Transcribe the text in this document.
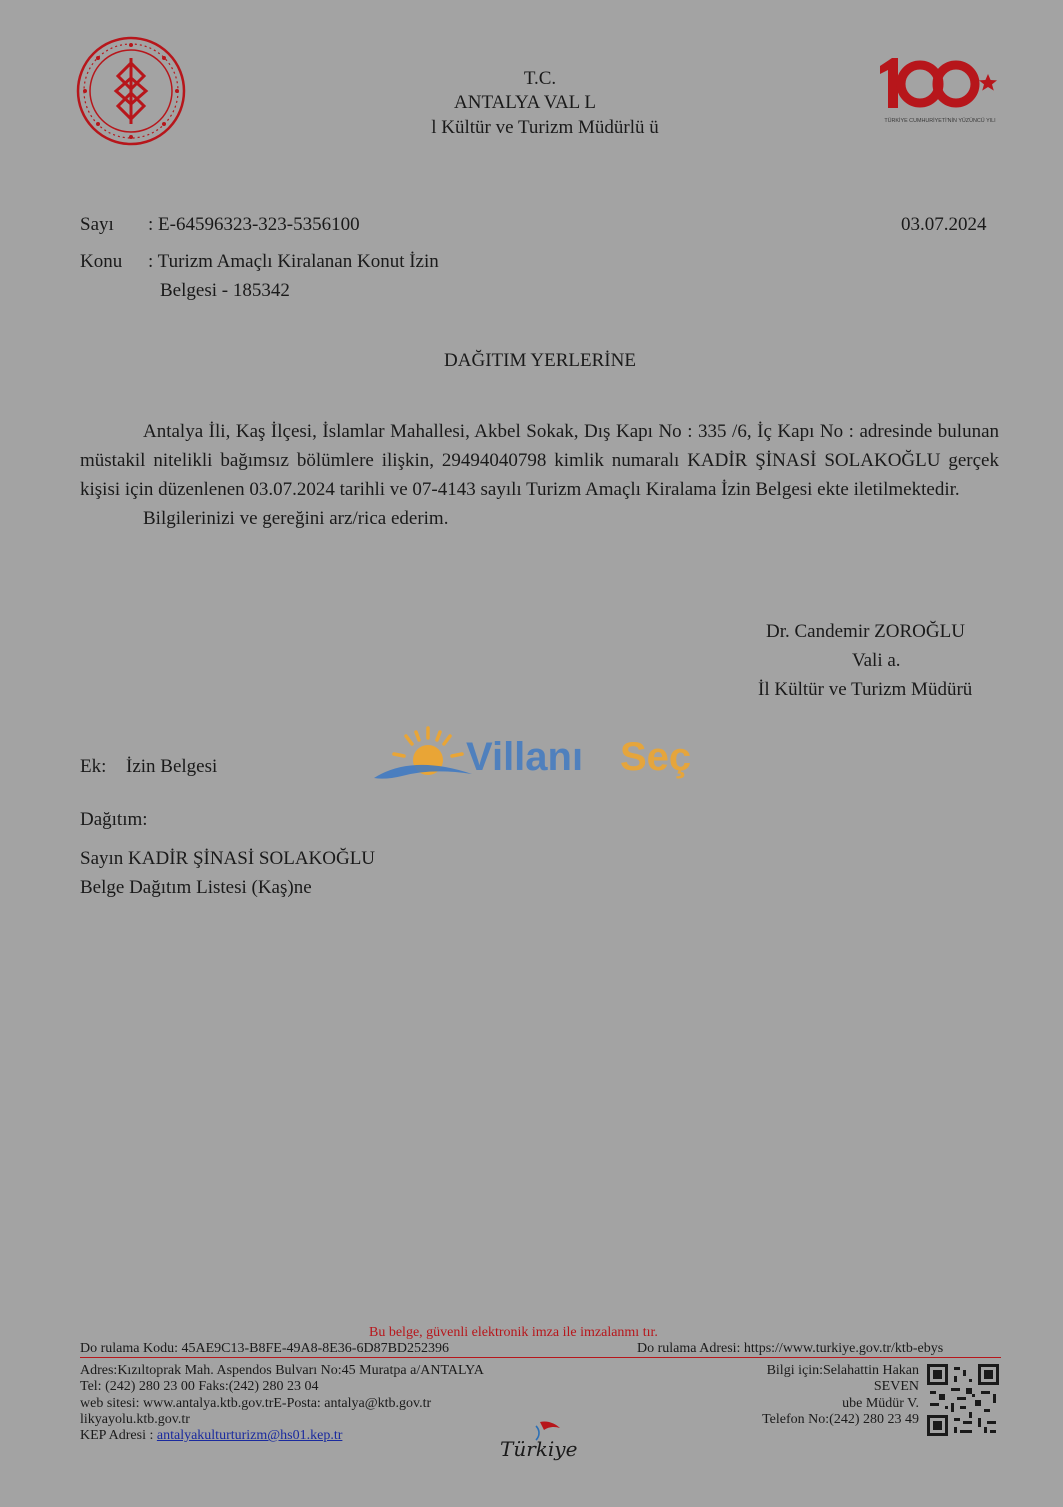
T.C.
ANTALYA VAL L
l Kültür ve Turizm Müdürlü ü	TÜRKİYE CUMHURİYETİ'NİN YÜZÜNCÜ YILI
Sayı : E-64596323-323-5356100	03.07.2024
Konu : Turizm Amaçlı Kiralanan Konut İzin
Belgesi - 185342
DAĞITIM YERLERİNE

Antalya İli, Kaş İlçesi, İslamlar Mahallesi, Akbel Sokak, Dış Kapı No : 335 /6, İç Kapı No : adresinde bulunan müstakil nitelikli bağımsız bölümlere ilişkin, 29494040798 kimlik numaralı KADİR ŞİNASİ SOLAKOĞLU gerçek kişisi için düzenlenen 03.07.2024 tarihli ve 07-4143 sayılı Turizm Amaçlı Kiralama İzin Belgesi ekte iletilmektedir.

Bilgilerinizi ve gereğini arz/rica ederim.

Dr. Candemir ZOROĞLU
Vali a.
İl Kültür ve Turizm Müdürü
Ek: İzin Belgesi	Villanı Seç
Dağıtım:
Sayın KADİR ŞİNASİ SOLAKOĞLU
Belge Dağıtım Listesi (Kaş)ne
Bu belge, güvenli elektronik imza ile imzalanmı tır.
Do rulama Kodu: 45AE9C13-B8FE-49A8-8E36-6D87BD252396	Do rulama Adresi: https://www.turkiye.gov.tr/ktb-ebys
Adres:Kızıltoprak Mah. Aspendos Bulvarı No:45 Muratpa a/ANTALYA
Tel: (242) 280 23 00 Faks:(242) 280 23 04
web sitesi: www.antalya.ktb.gov.trE-Posta: antalya@ktb.gov.tr
likyayolu.ktb.gov.tr
KEP Adresi : antalyakulturturizm@hs01.kep.tr
Bilgi için:Selahattin Hakan
SEVEN
ube Müdür V.
Telefon No:(242) 280 23 49
Türkiye
